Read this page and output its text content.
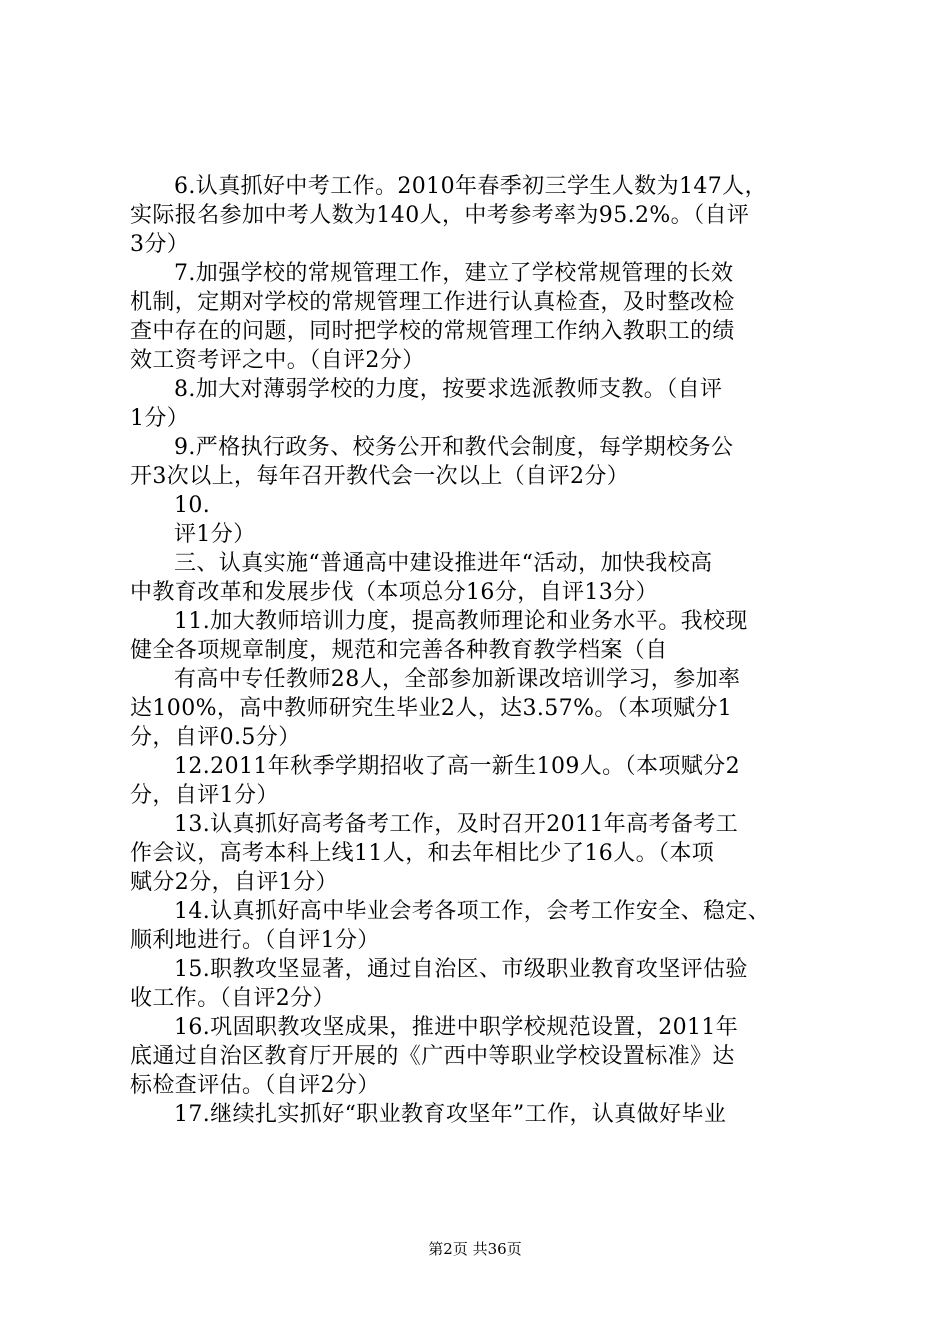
6.认真抓好中考工作。2010年春季初三学生人数为147人，
实际报名参加中考人数为140人，中考参考率为95.2%。（自评
3分）
7.加强学校的常规管理工作，建立了学校常规管理的长效
机制，定期对学校的常规管理工作进行认真检查，及时整改检
查中存在的问题，同时把学校的常规管理工作纳入教职工的绩
效工资考评之中。（自评2分）
8.加大对薄弱学校的力度，按要求选派教师支教。（自评
1分）
9.严格执行政务、校务公开和教代会制度，每学期校务公
开3次以上，每年召开教代会一次以上（自评2分）
10.
评1分）
三、认真实施“普通高中建设推进年“活动，加快我校高
中教育改革和发展步伐（本项总分16分，自评13分）
11.加大教师培训力度，提高教师理论和业务水平。我校现
健全各项规章制度，规范和完善各种教育教学档案（自
有高中专任教师28人，全部参加新课改培训学习，参加率
达100%，高中教师研究生毕业2人，达3.57%。（本项赋分1
分，自评0.5分）
12.2011年秋季学期招收了高一新生109人。（本项赋分2
分，自评1分）
13.认真抓好高考备考工作，及时召开2011年高考备考工
作会议，高考本科上线11人，和去年相比少了16人。（本项
赋分2分，自评1分）
14.认真抓好高中毕业会考各项工作，会考工作安全、稳定、
顺利地进行。（自评1分）
15.职教攻坚显著，通过自治区、市级职业教育攻坚评估验
收工作。（自评2分）
16.巩固职教攻坚成果，推进中职学校规范设置，2011年
底通过自治区教育厅开展的《广西中等职业学校设置标准》达
标检查评估。（自评2分）
17.继续扎实抓好“职业教育攻坚年”工作，认真做好毕业
第2页 共36页
